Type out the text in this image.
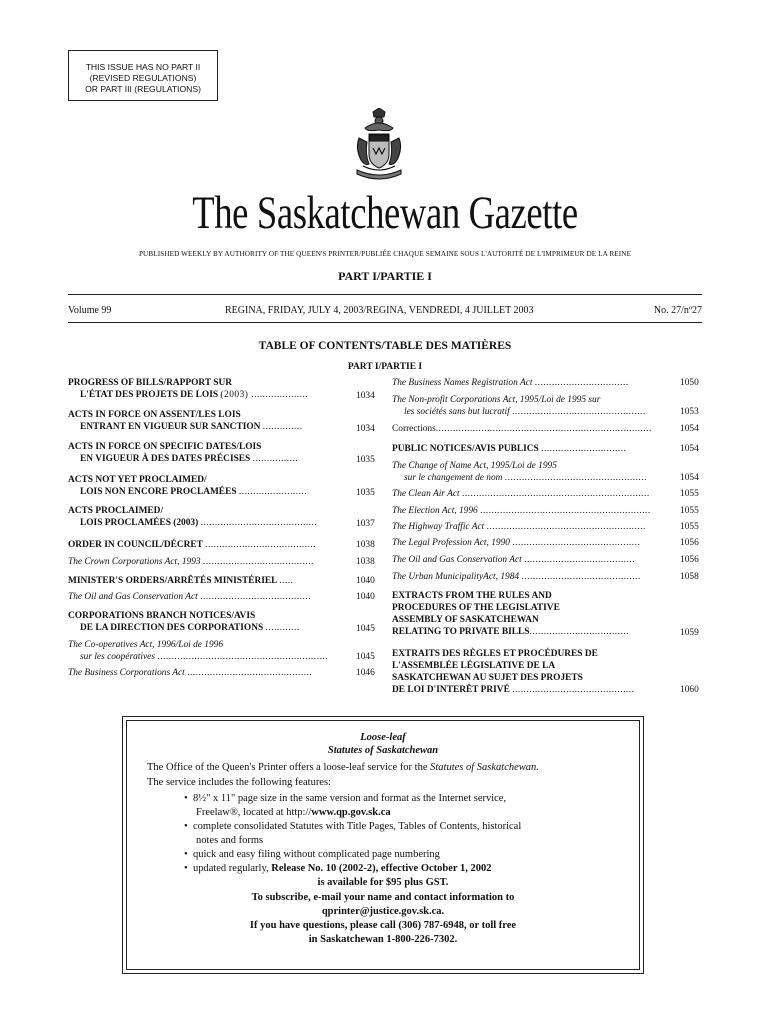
THIS ISSUE HAS NO PART II
(REVISED REGULATIONS)
OR PART III (REGULATIONS)
The Saskatchewan Gazette
PUBLISHED WEEKLY BY AUTHORITY OF THE QUEEN'S PRINTER/PUBLIÉE CHAQUE SEMAINE SOUS L'AUTORITÉ DE L'IMPRIMEUR DE LA REINE
PART I/PARTIE I
Volume 99	REGINA, FRIDAY, JULY 4, 2003/REGINA, VENDREDI, 4 JUILLET 2003	No. 27/nº27
TABLE OF CONTENTS/TABLE DES MATIÈRES
PART I/PARTIE I
PROGRESS OF BILLS/RAPPORT SUR
L'ÉTAT DES PROJETS DE LOIS (2003) ....................	1034
ACTS IN FORCE ON ASSENT/LES LOIS
ENTRANT EN VIGUEUR SUR SANCTION ..............	1034
ACTS IN FORCE ON SPECIFIC DATES/LOIS
EN VIGUEUR À DES DATES PRÉCISES ................	1035
ACTS NOT YET PROCLAIMED/
LOIS NON ENCORE PROCLAMÉES ........................	1035
ACTS PROCLAIMED/
LOIS PROCLAMÉES (2003) .........................................	1037
ORDER IN COUNCIL/DÉCRET .......................................	1038
The Crown Corporations Act, 1993 .......................................	1038
MINISTER'S ORDERS/ARRÊTÉS MINISTÉRIEL .....	1040
The Oil and Gas Conservation Act .......................................	1040
CORPORATIONS BRANCH NOTICES/AVIS
DE LA DIRECTION DES CORPORATIONS ............	1045
The Co-operatives Act, 1996/Loi de 1996
sur les coopératives ............................................................	1045
The Business Corporations Act ............................................	1046
The Business Names Registration Act .................................	1050
The Non-profit Corporations Act, 1995/Loi de 1995 sur
les sociétés sans but lucratif ...............................................	1053
Corrections............................................................................	1054
PUBLIC NOTICES/AVIS PUBLICS ..............................	1054
The Change of Name Act, 1995/Loi de 1995
sur le changement de nom ..................................................	1054
The Clean Air Act ..................................................................	1055
The Election Act, 1996 ............................................................	1055
The Highway Traffic Act ........................................................	1055
The Legal Profession Act, 1990 .............................................	1056
The Oil and Gas Conservation Act .......................................	1056
The Urban MunicipalityAct, 1984 ..........................................	1058
EXTRACTS FROM THE RULES AND
PROCEDURES OF THE LEGISLATIVE
ASSEMBLY OF SASKATCHEWAN
RELATING TO PRIVATE BILLS...................................	1059
EXTRAITS DES RÈGLES ET PROCÉDURES DE
L'ASSEMBLÉE LÉGISLATIVE DE LA
SASKATCHEWAN AU SUJET DES PROJETS
DE LOI D'INTERÊT PRIVÉ ...........................................	1060
Loose-leaf
Statutes of Saskatchewan
The Office of the Queen's Printer offers a loose-leaf service for the Statutes of Saskatchewan.
The service includes the following features:
•  8½" x 11" page size in the same version and format as the Internet service,
Freelaw®, located at http://www.qp.gov.sk.ca
•  complete consolidated Statutes with Title Pages, Tables of Contents, historical
notes and forms
•  quick and easy filing without complicated page numbering
•  updated regularly, Release No. 10 (2002-2), effective October 1, 2002
is available for $95 plus GST.
To subscribe, e-mail your name and contact information to
qprinter@justice.gov.sk.ca.
If you have questions, please call (306) 787-6948, or toll free
in Saskatchewan 1-800-226-7302.
